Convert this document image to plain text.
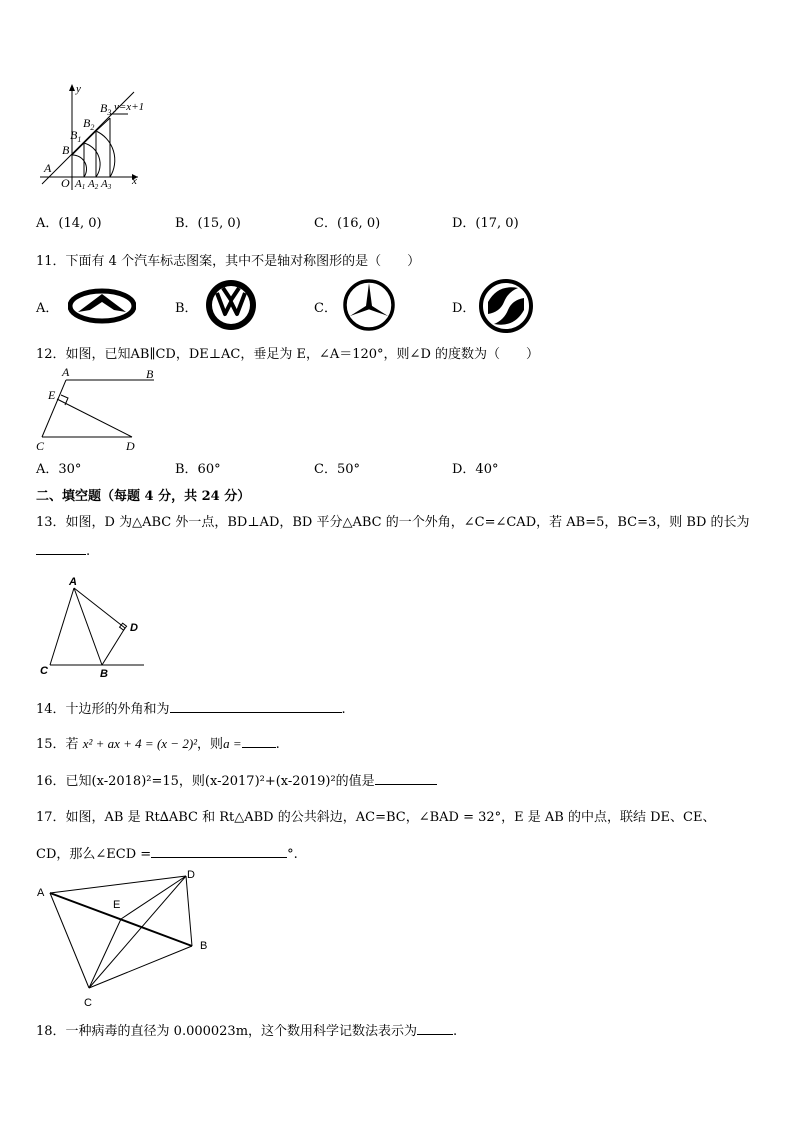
y
y=x+1
A
B
$B_1$
$B_2$
$B_3$
O A1 A2 A3 x
A．(14, 0)	B．(15, 0)	C．(16, 0)	D．(17, 0)
11．下面有 4 个汽车标志图案，其中不是轴对称图形的是（　　）
A．	B．	C．	D．
12．如图，已知AB∥CD，DE⊥AC，垂足为 E，∠A＝120°，则∠D 的度数为（　　）
A	B
E
C	D
A．30°	B．60°	C．50°	D．40°
二、填空题（每题 4 分，共 24 分）
13．如图，D 为△ABC 外一点，BD⊥AD，BD 平分△ABC 的一个外角，∠C=∠CAD，若 AB=5，BC=3，则 BD 的长为
.
A
D
C	B
14．十边形的外角和为	.
15．若 x² + ax + 4 = (x − 2)²，则a =	.
16．已知(x-2018)²=15，则(x-2017)²+(x-2019)²的值是
17．如图，AB 是 Rt∆ABC 和 Rt△ABD 的公共斜边，AC=BC，∠BAD = 32°，E 是 AB 的中点，联结 DE、CE、
CD，那么∠ECD =	°.
A
D
E
B
C
18．一种病毒的直径为 0.000023m，这个数用科学记数法表示为	.
